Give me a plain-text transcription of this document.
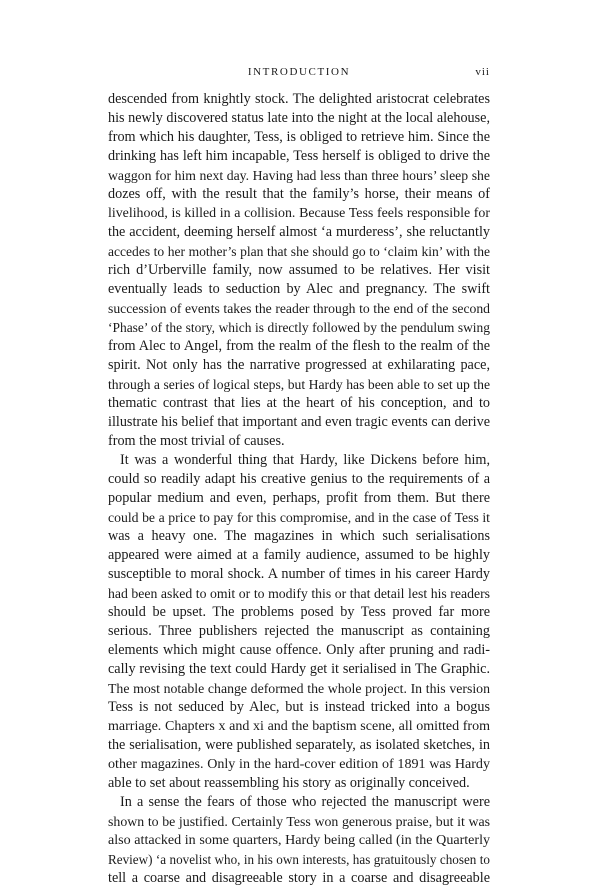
INTRODUCTION	vii
descended from knightly stock. The delighted aristocrat celebrates
his newly discovered status late into the night at the local alehouse,
from which his daughter, Tess, is obliged to retrieve him. Since the
drinking has left him incapable, Tess herself is obliged to drive the
waggon for him next day. Having had less than three hours’ sleep she
dozes off, with the result that the family’s horse, their means of
livelihood, is killed in a collision. Because Tess feels responsible for
the accident, deeming herself almost ‘a murderess’, she reluctantly
accedes to her mother’s plan that she should go to ‘claim kin’ with the
rich d’Urberville family, now assumed to be relatives. Her visit
eventually leads to seduction by Alec and pregnancy. The swift
succession of events takes the reader through to the end of the second
‘Phase’ of the story, which is directly followed by the pendulum swing
from Alec to Angel, from the realm of the flesh to the realm of the
spirit. Not only has the narrative progressed at exhilarating pace,
through a series of logical steps, but Hardy has been able to set up the
thematic contrast that lies at the heart of his conception, and to
illustrate his belief that important and even tragic events can derive
from the most trivial of causes.
It was a wonderful thing that Hardy, like Dickens before him,
could so readily adapt his creative genius to the requirements of a
popular medium and even, perhaps, profit from them. But there
could be a price to pay for this compromise, and in the case of Tess it
was a heavy one. The magazines in which such serialisations
appeared were aimed at a family audience, assumed to be highly
susceptible to moral shock. A number of times in his career Hardy
had been asked to omit or to modify this or that detail lest his readers
should be upset. The problems posed by Tess proved far more
serious. Three publishers rejected the manuscript as containing
elements which might cause offence. Only after pruning and radi-
cally revising the text could Hardy get it serialised in The Graphic.
The most notable change deformed the whole project. In this version
Tess is not seduced by Alec, but is instead tricked into a bogus
marriage. Chapters x and xi and the baptism scene, all omitted from
the serialisation, were published separately, as isolated sketches, in
other magazines. Only in the hard-cover edition of 1891 was Hardy
able to set about reassembling his story as originally conceived.
In a sense the fears of those who rejected the manuscript were
shown to be justified. Certainly Tess won generous praise, but it was
also attacked in some quarters, Hardy being called (in the Quarterly
Review) ‘a novelist who, in his own interests, has gratuitously chosen to
tell a coarse and disagreeable story in a coarse and disagreeable
